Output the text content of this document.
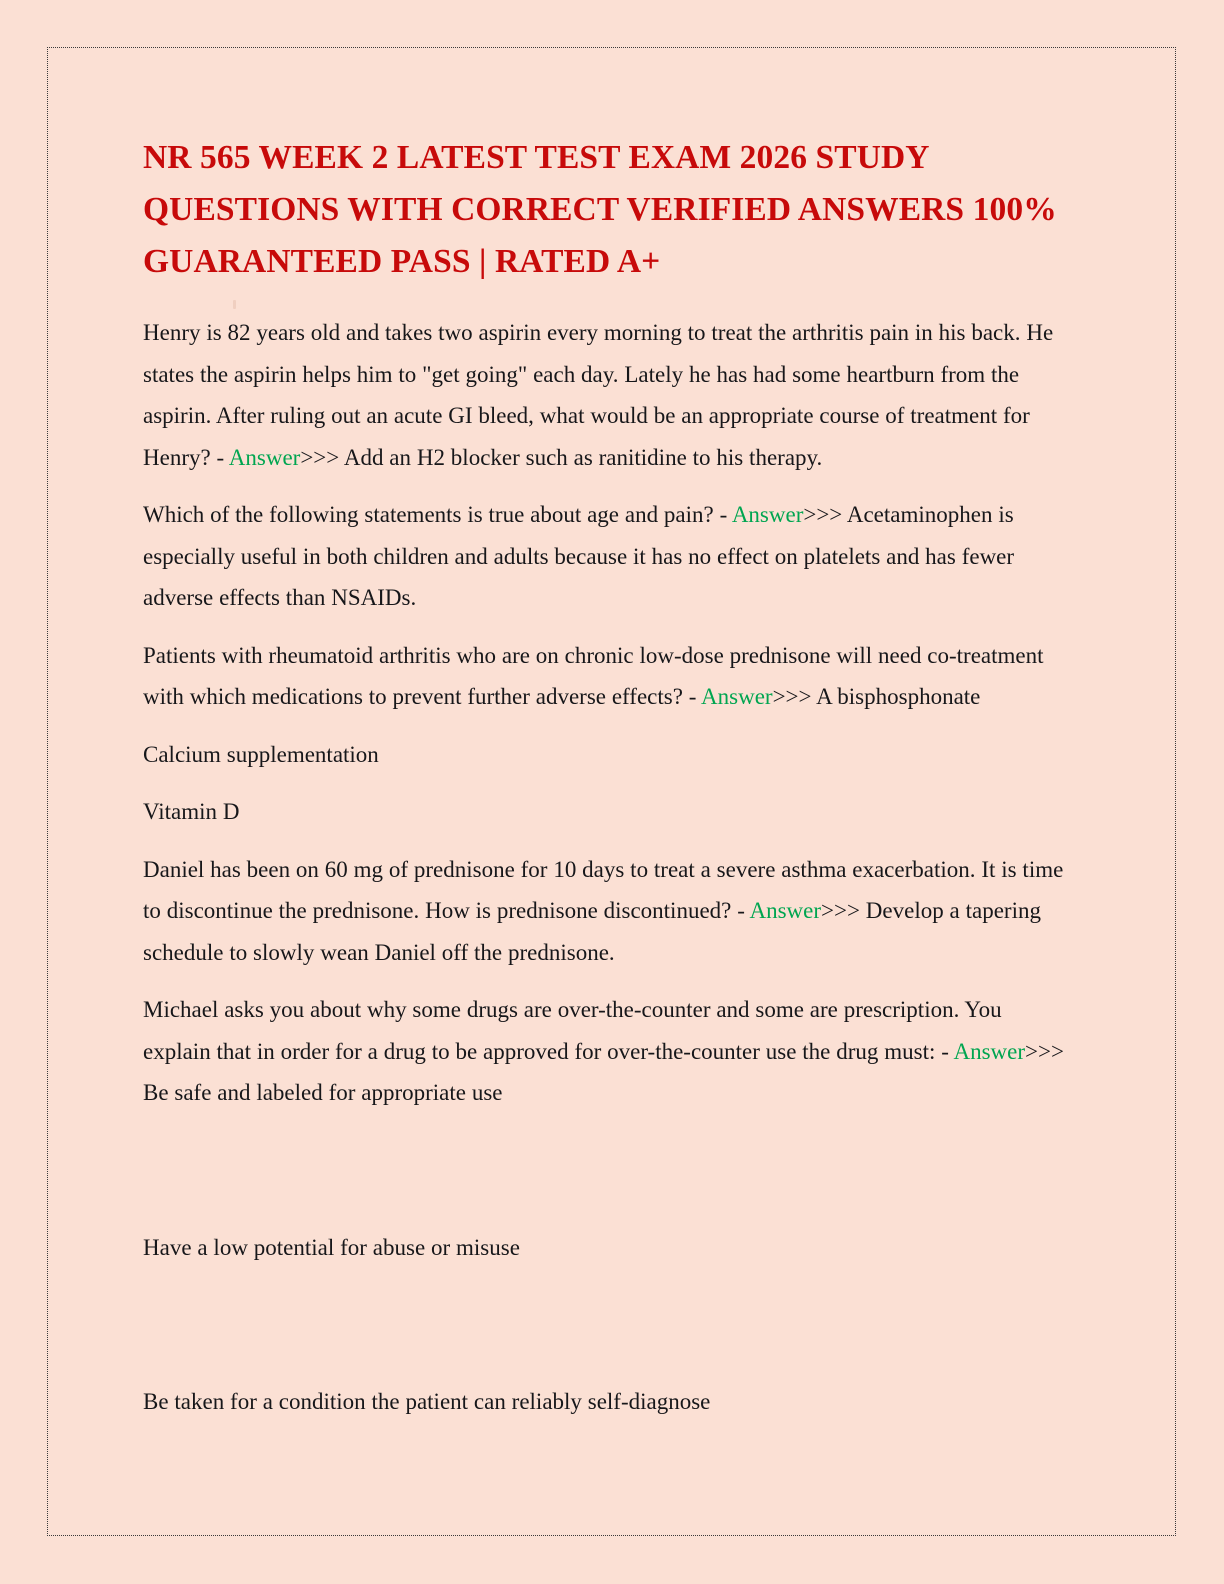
NR 565 WEEK 2 LATEST TEST EXAM 2026 STUDY QUESTIONS WITH CORRECT VERIFIED ANSWERS 100% GUARANTEED PASS | RATED A+

Henry is 82 years old and takes two aspirin every morning to treat the arthritis pain in his back. He states the aspirin helps him to "get going" each day. Lately he has had some heartburn from the aspirin. After ruling out an acute GI bleed, what would be an appropriate course of treatment for Henry? - Answer>>> Add an H2 blocker such as ranitidine to his therapy.

Which of the following statements is true about age and pain? - Answer>>> Acetaminophen is especially useful in both children and adults because it has no effect on platelets and has fewer adverse effects than NSAIDs.

Patients with rheumatoid arthritis who are on chronic low-dose prednisone will need co-treatment with which medications to prevent further adverse effects? - Answer>>> A bisphosphonate

Calcium supplementation

Vitamin D

Daniel has been on 60 mg of prednisone for 10 days to treat a severe asthma exacerbation. It is time to discontinue the prednisone. How is prednisone discontinued? - Answer>>> Develop a tapering schedule to slowly wean Daniel off the prednisone.

Michael asks you about why some drugs are over-the-counter and some are prescription. You explain that in order for a drug to be approved for over-the-counter use the drug must: - Answer>>> Be safe and labeled for appropriate use

Have a low potential for abuse or misuse

Be taken for a condition the patient can reliably self-diagnose
